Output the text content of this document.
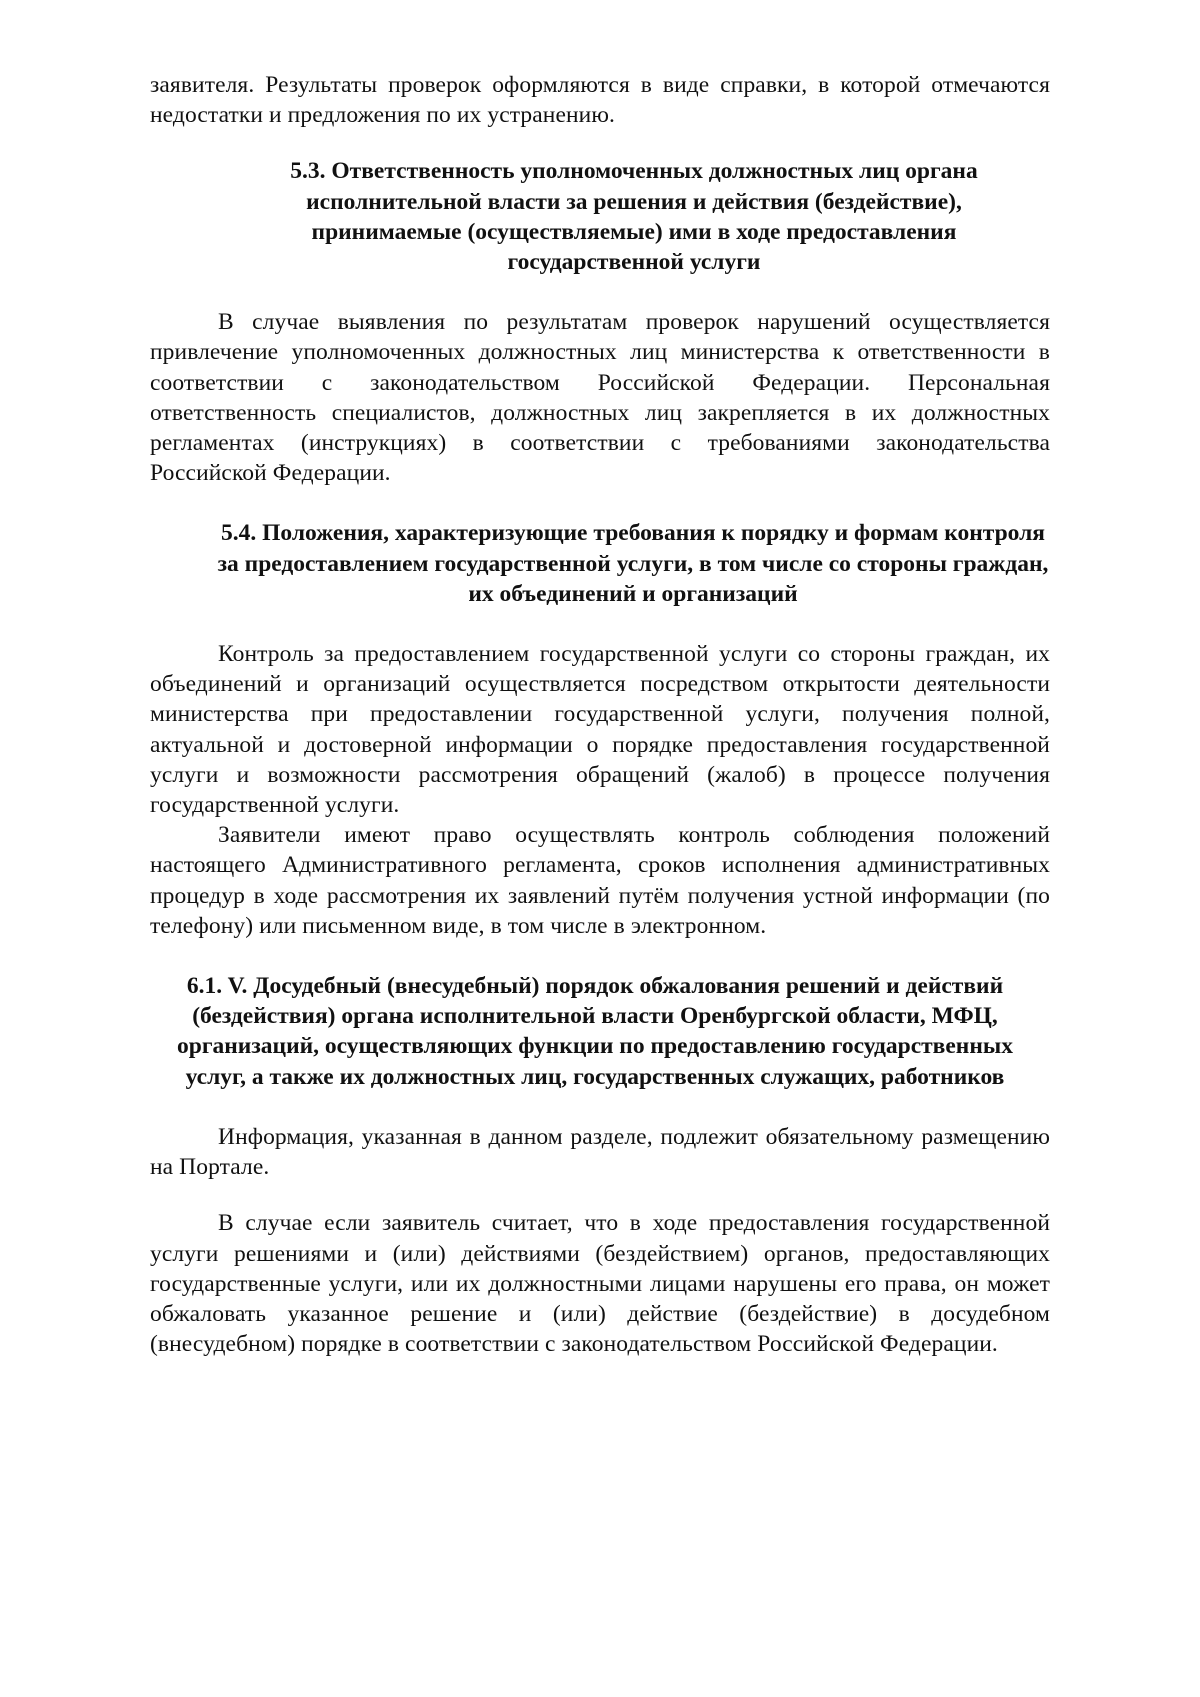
заявителя. Результаты проверок оформляются в виде справки, в которой отмечаются недостатки и предложения по их устранению.

5.3. Ответственность уполномоченных должностных лиц органа исполнительной власти за решения и действия (бездействие), принимаемые (осуществляемые) ими в ходе предоставления государственной услуги

В случае выявления по результатам проверок нарушений осуществляется привлечение уполномоченных должностных лиц министерства к ответственности в соответствии с законодательством Российской Федерации. Персональная ответственность специалистов, должностных лиц закрепляется в их должностных регламентах (инструкциях) в соответствии с требованиями законодательства Российской Федерации.

5.4. Положения, характеризующие требования к порядку и формам контроля за предоставлением государственной услуги, в том числе со стороны граждан, их объединений и организаций

Контроль за предоставлением государственной услуги со стороны граждан, их объединений и организаций осуществляется посредством открытости деятельности министерства при предоставлении государственной услуги, получения полной, актуальной и достоверной информации о порядке предоставления государственной услуги и возможности рассмотрения обращений (жалоб) в процессе получения государственной услуги.

Заявители имеют право осуществлять контроль соблюдения положений настоящего Административного регламента, сроков исполнения административных процедур в ходе рассмотрения их заявлений путём получения устной информации (по телефону) или письменном виде, в том числе в электронном.

6.1. V. Досудебный (внесудебный) порядок обжалования решений и действий (бездействия) органа исполнительной власти Оренбургской области, МФЦ, организаций, осуществляющих функции по предоставлению государственных услуг, а также их должностных лиц, государственных служащих, работников

Информация, указанная в данном разделе, подлежит обязательному размещению на Портале.

В случае если заявитель считает, что в ходе предоставления государственной услуги решениями и (или) действиями (бездействием) органов, предоставляющих государственные услуги, или их должностными лицами нарушены его права, он может обжаловать указанное решение и (или) действие (бездействие) в досудебном (внесудебном) порядке в соответствии с законодательством Российской Федерации.
